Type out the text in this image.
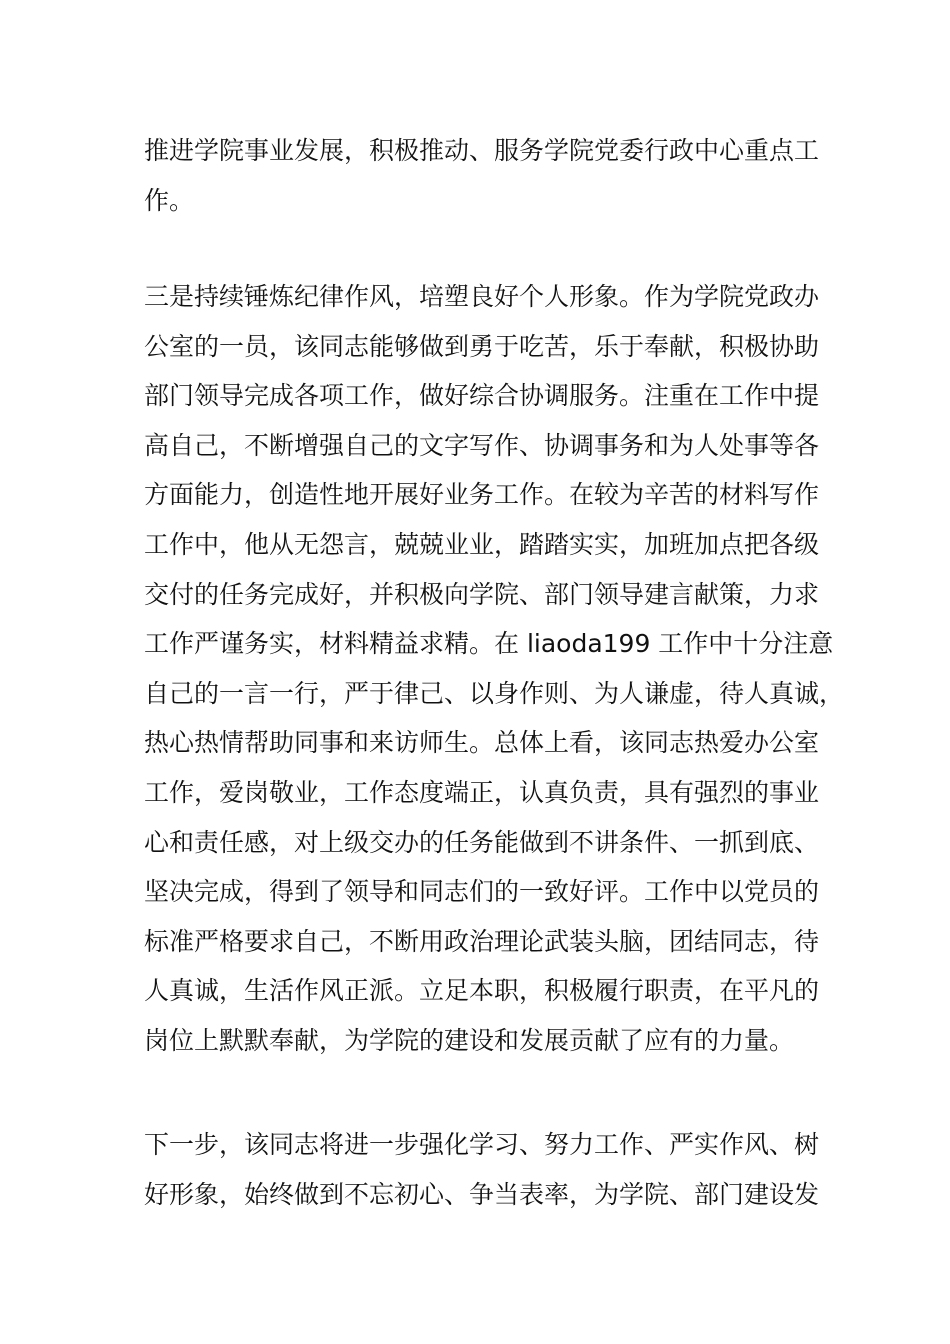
推进学院事业发展，积极推动、服务学院党委行政中心重点工

作。

三是持续锤炼纪律作风，培塑良好个人形象。作为学院党政办

公室的一员，该同志能够做到勇于吃苦，乐于奉献，积极协助

部门领导完成各项工作，做好综合协调服务。注重在工作中提

高自己，不断增强自己的文字写作、协调事务和为人处事等各

方面能力，创造性地开展好业务工作。在较为辛苦的材料写作

工作中，他从无怨言，兢兢业业，踏踏实实，加班加点把各级

交付的任务完成好，并积极向学院、部门领导建言献策，力求

工作严谨务实，材料精益求精。在 liaoda199 工作中十分注意

自己的一言一行，严于律己、以身作则、为人谦虚，待人真诚，

热心热情帮助同事和来访师生。总体上看，该同志热爱办公室

工作，爱岗敬业，工作态度端正，认真负责，具有强烈的事业

心和责任感，对上级交办的任务能做到不讲条件、一抓到底、

坚决完成，得到了领导和同志们的一致好评。工作中以党员的

标准严格要求自己，不断用政治理论武装头脑，团结同志，待

人真诚，生活作风正派。立足本职，积极履行职责，在平凡的

岗位上默默奉献，为学院的建设和发展贡献了应有的力量。

下一步，该同志将进一步强化学习、努力工作、严实作风、树

好形象，始终做到不忘初心、争当表率，为学院、部门建设发
